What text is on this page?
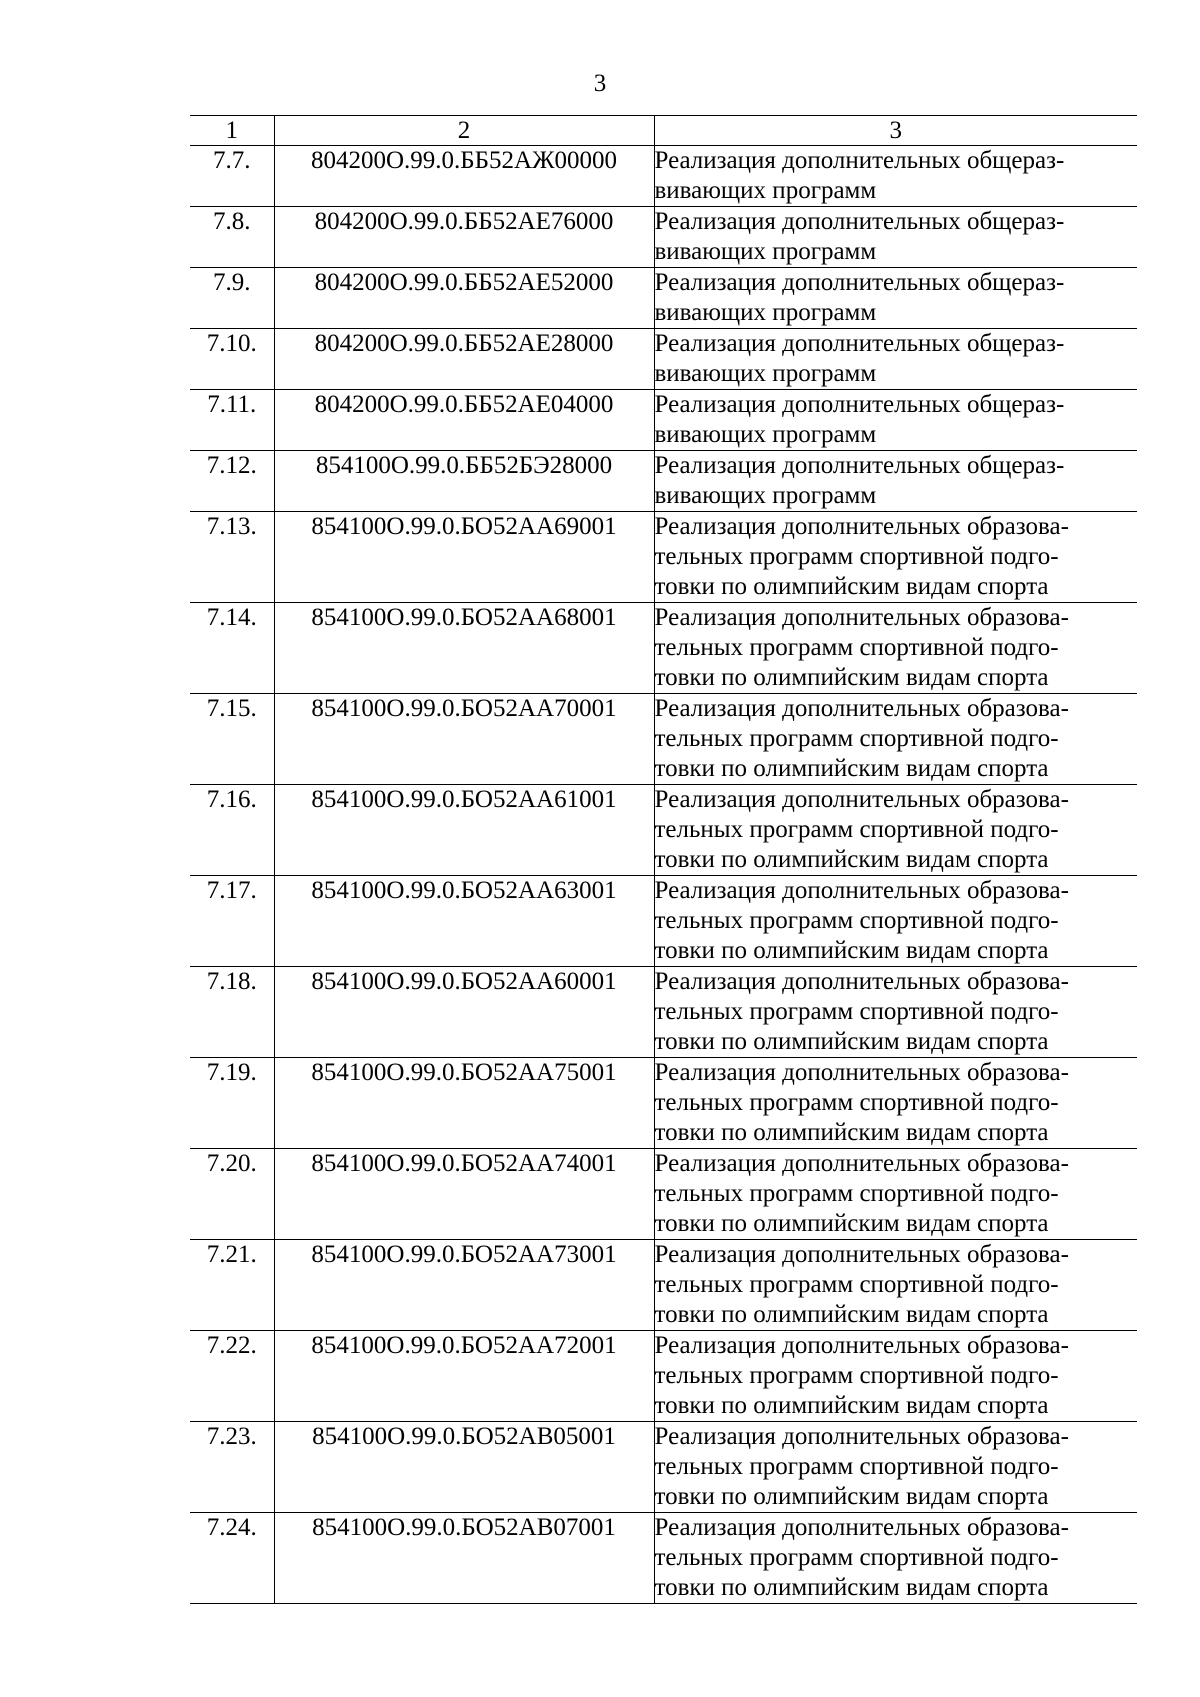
3
1	2	3
7.7.	804200О.99.0.ББ52АЖ00000	Реализация дополнительных общераз-
вивающих программ

7.8.	804200О.99.0.ББ52АЕ76000	Реализация дополнительных общераз-
вивающих программ

7.9.	804200О.99.0.ББ52АЕ52000	Реализация дополнительных общераз-
вивающих программ

7.10.	804200О.99.0.ББ52АЕ28000	Реализация дополнительных общераз-
вивающих программ

7.11.	804200О.99.0.ББ52АЕ04000	Реализация дополнительных общераз-
вивающих программ

7.12.	854100О.99.0.ББ52БЭ28000	Реализация дополнительных общераз-
вивающих программ

7.13.	854100О.99.0.БО52АА69001	Реализация дополнительных образова-
тельных программ спортивной подго-
товки по олимпийским видам спорта

7.14.	854100О.99.0.БО52АА68001	Реализация дополнительных образова-
тельных программ спортивной подго-
товки по олимпийским видам спорта

7.15.	854100О.99.0.БО52АА70001	Реализация дополнительных образова-
тельных программ спортивной подго-
товки по олимпийским видам спорта

7.16.	854100О.99.0.БО52АА61001	Реализация дополнительных образова-
тельных программ спортивной подго-
товки по олимпийским видам спорта

7.17.	854100О.99.0.БО52АА63001	Реализация дополнительных образова-
тельных программ спортивной подго-
товки по олимпийским видам спорта

7.18.	854100О.99.0.БО52АА60001	Реализация дополнительных образова-
тельных программ спортивной подго-
товки по олимпийским видам спорта

7.19.	854100О.99.0.БО52АА75001	Реализация дополнительных образова-
тельных программ спортивной подго-
товки по олимпийским видам спорта

7.20.	854100О.99.0.БО52АА74001	Реализация дополнительных образова-
тельных программ спортивной подго-
товки по олимпийским видам спорта

7.21.	854100О.99.0.БО52АА73001	Реализация дополнительных образова-
тельных программ спортивной подго-
товки по олимпийским видам спорта

7.22.	854100О.99.0.БО52АА72001	Реализация дополнительных образова-
тельных программ спортивной подго-
товки по олимпийским видам спорта

7.23.	854100О.99.0.БО52АВ05001	Реализация дополнительных образова-
тельных программ спортивной подго-
товки по олимпийским видам спорта

7.24.	854100О.99.0.БО52АВ07001	Реализация дополнительных образова-
тельных программ спортивной подго-
товки по олимпийским видам спорта
